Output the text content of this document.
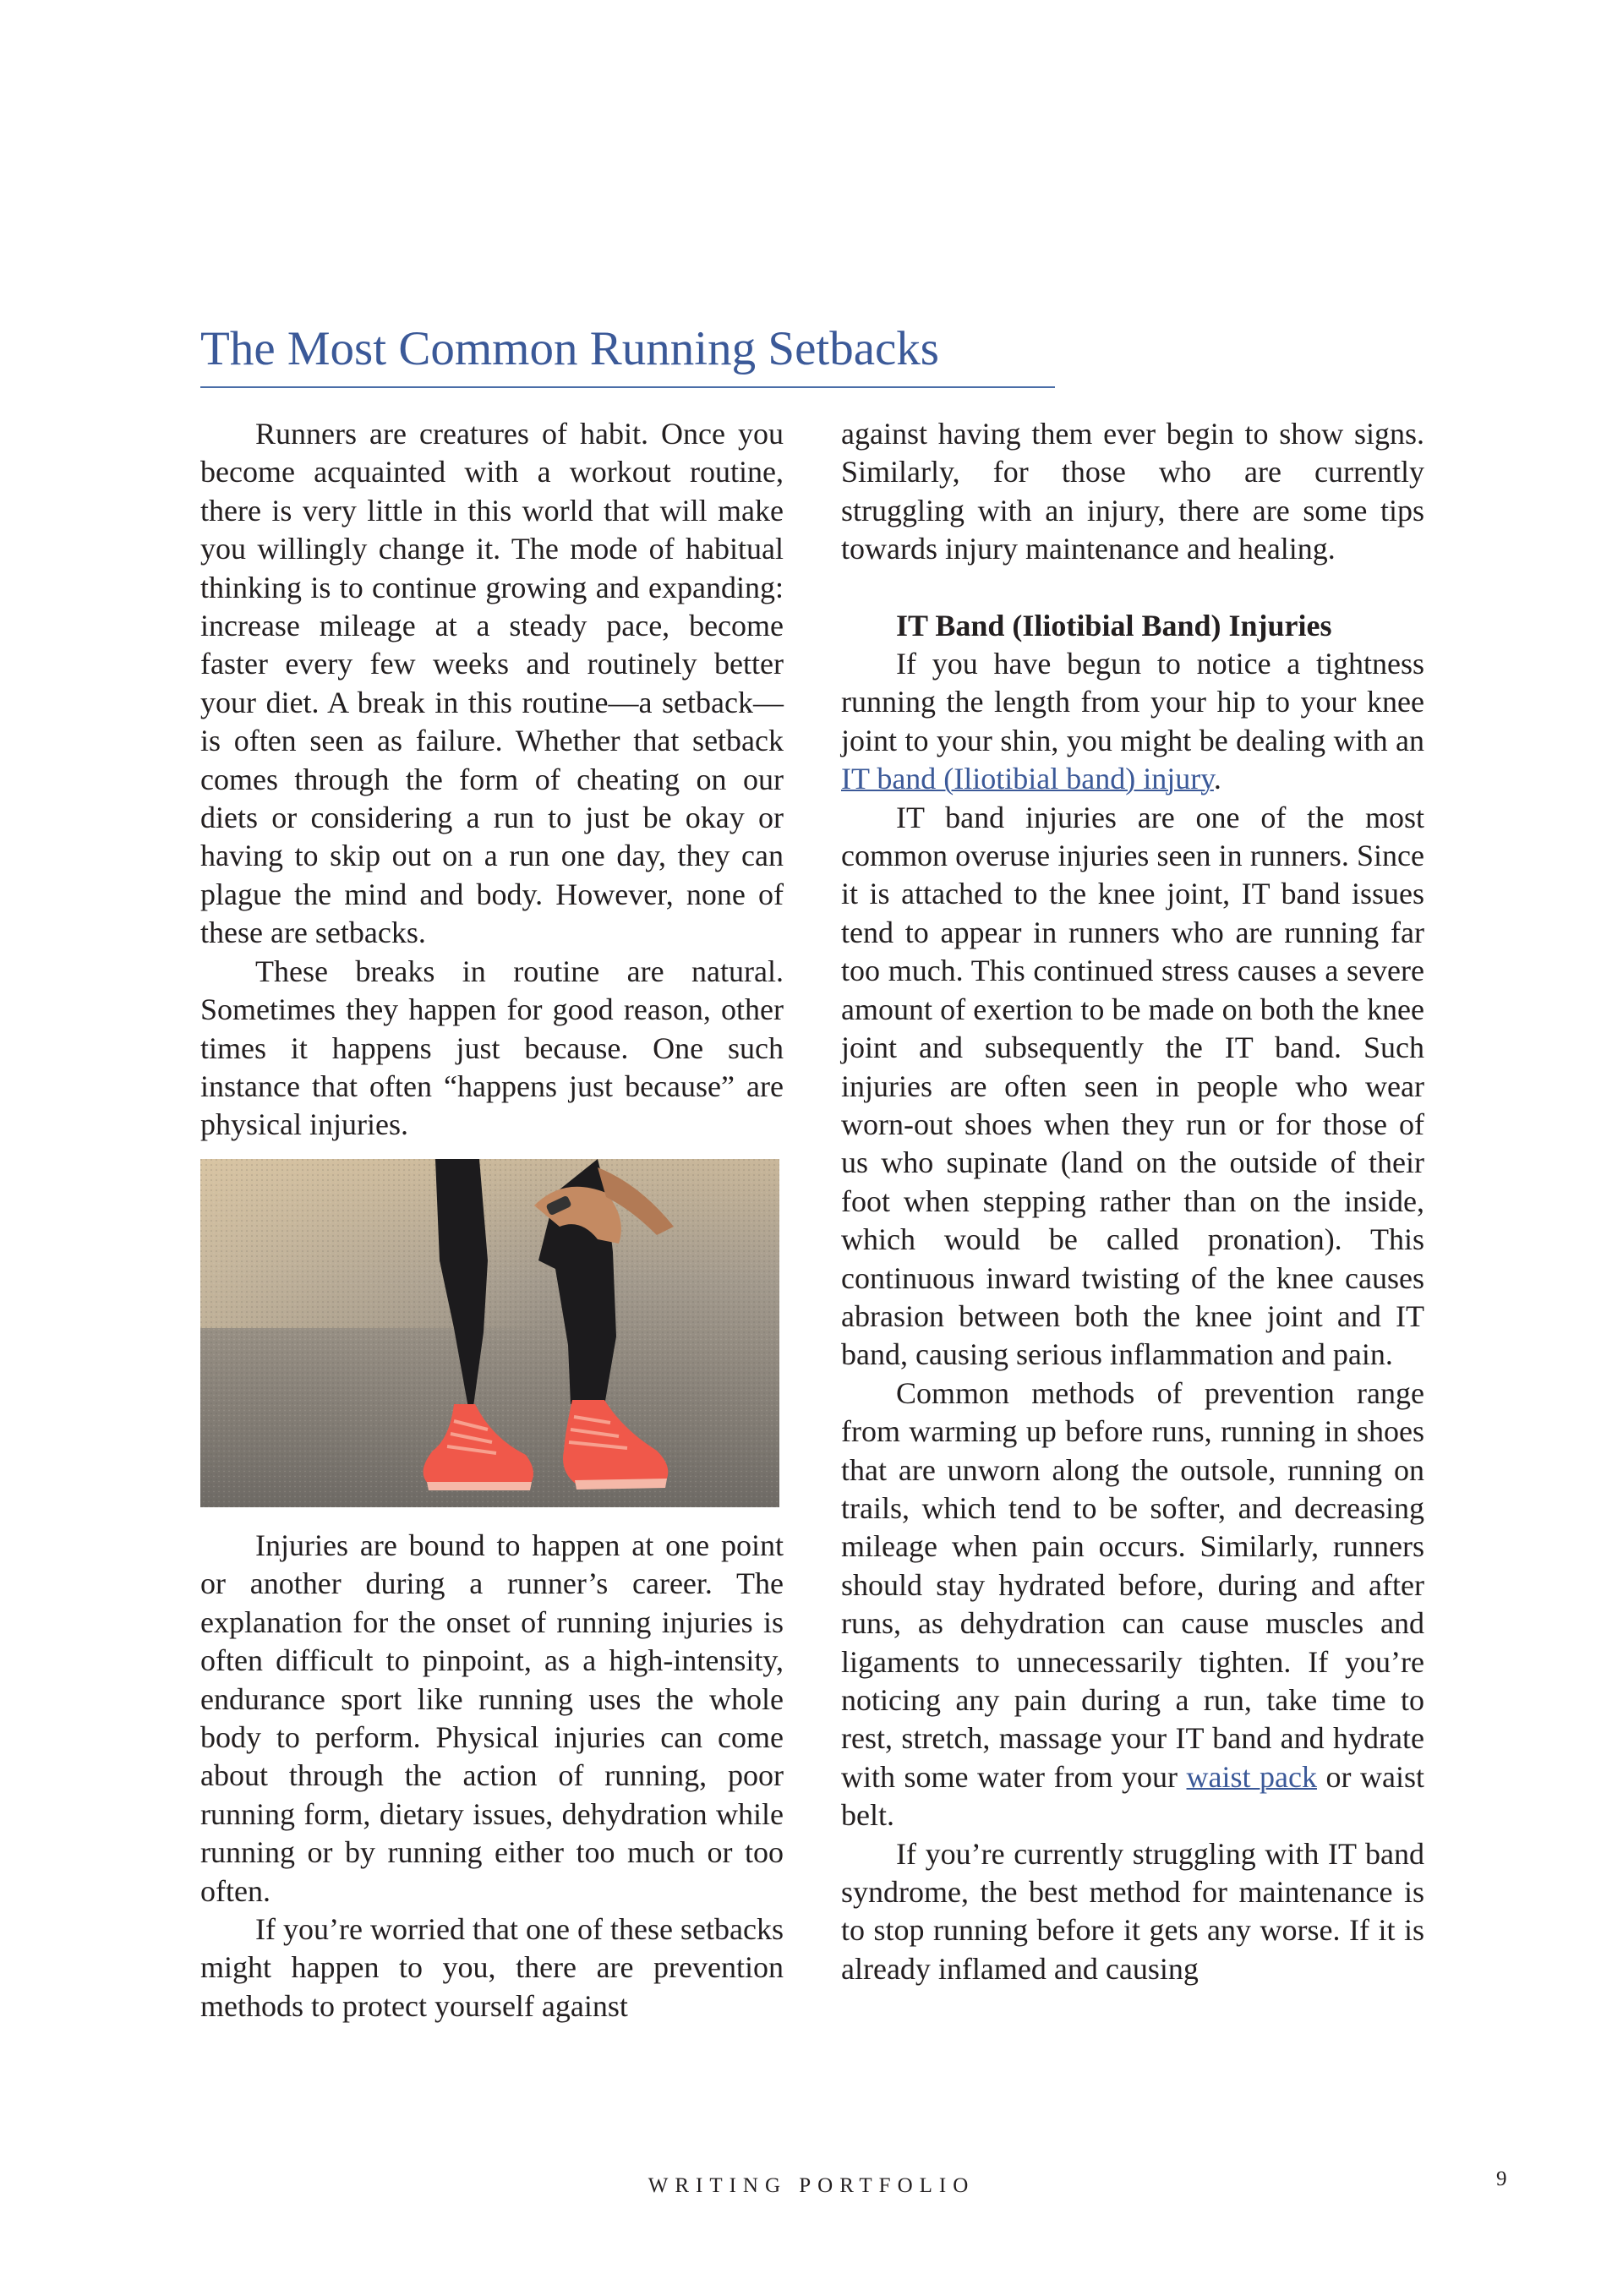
The Most Common Running Setbacks

Runners are creatures of habit. Once you become acquainted with a workout routine, there is very little in this world that will make you willingly change it. The mode of habitual thinking is to continue growing and expanding: increase mileage at a steady pace, become faster every few weeks and routinely better your diet. A break in this routine—a setback—is often seen as failure. Whether that setback comes through the form of cheating on our diets or considering a run to just be okay or having to skip out on a run one day, they can plague the mind and body. However, none of these are setbacks.

These breaks in routine are natural. Sometimes they happen for good reason, other times it happens just because. One such instance that often “happens just because” are physical injuries.

Injuries are bound to happen at one point or another during a runner’s career. The explanation for the onset of running injuries is often difficult to pinpoint, as a high-intensity, endurance sport like running uses the whole body to perform. Physical injuries can come about through the action of running, poor running form, dietary issues, dehydration while running or by running either too much or too often.

If you’re worried that one of these setbacks might happen to you, there are prevention methods to protect yourself against

against having them ever begin to show signs. Similarly, for those who are currently struggling with an injury, there are some tips towards injury maintenance and healing.

IT Band (Iliotibial Band) Injuries

If you have begun to notice a tightness running the length from your hip to your knee joint to your shin, you might be dealing with an IT band (Iliotibial band) injury.

IT band injuries are one of the most common overuse injuries seen in runners. Since it is attached to the knee joint, IT band issues tend to appear in runners who are running far too much. This continued stress causes a severe amount of exertion to be made on both the knee joint and subsequently the IT band. Such injuries are often seen in people who wear worn-out shoes when they run or for those of us who supinate (land on the outside of their foot when stepping rather than on the inside, which would be called pronation). This continuous inward twisting of the knee causes abrasion between both the knee joint and IT band, causing serious inflammation and pain.

Common methods of prevention range from warming up before runs, running in shoes that are unworn along the outsole, running on trails, which tend to be softer, and decreasing mileage when pain occurs. Similarly, runners should stay hydrated before, during and after runs, as dehydration can cause muscles and ligaments to unnecessarily tighten. If you’re noticing any pain during a run, take time to rest, stretch, massage your IT band and hydrate with some water from your waist pack or waist belt.

If you’re currently struggling with IT band syndrome, the best method for maintenance is to stop running before it gets any worse. If it is already inflamed and causing

WRITING PORTFOLIO	9
